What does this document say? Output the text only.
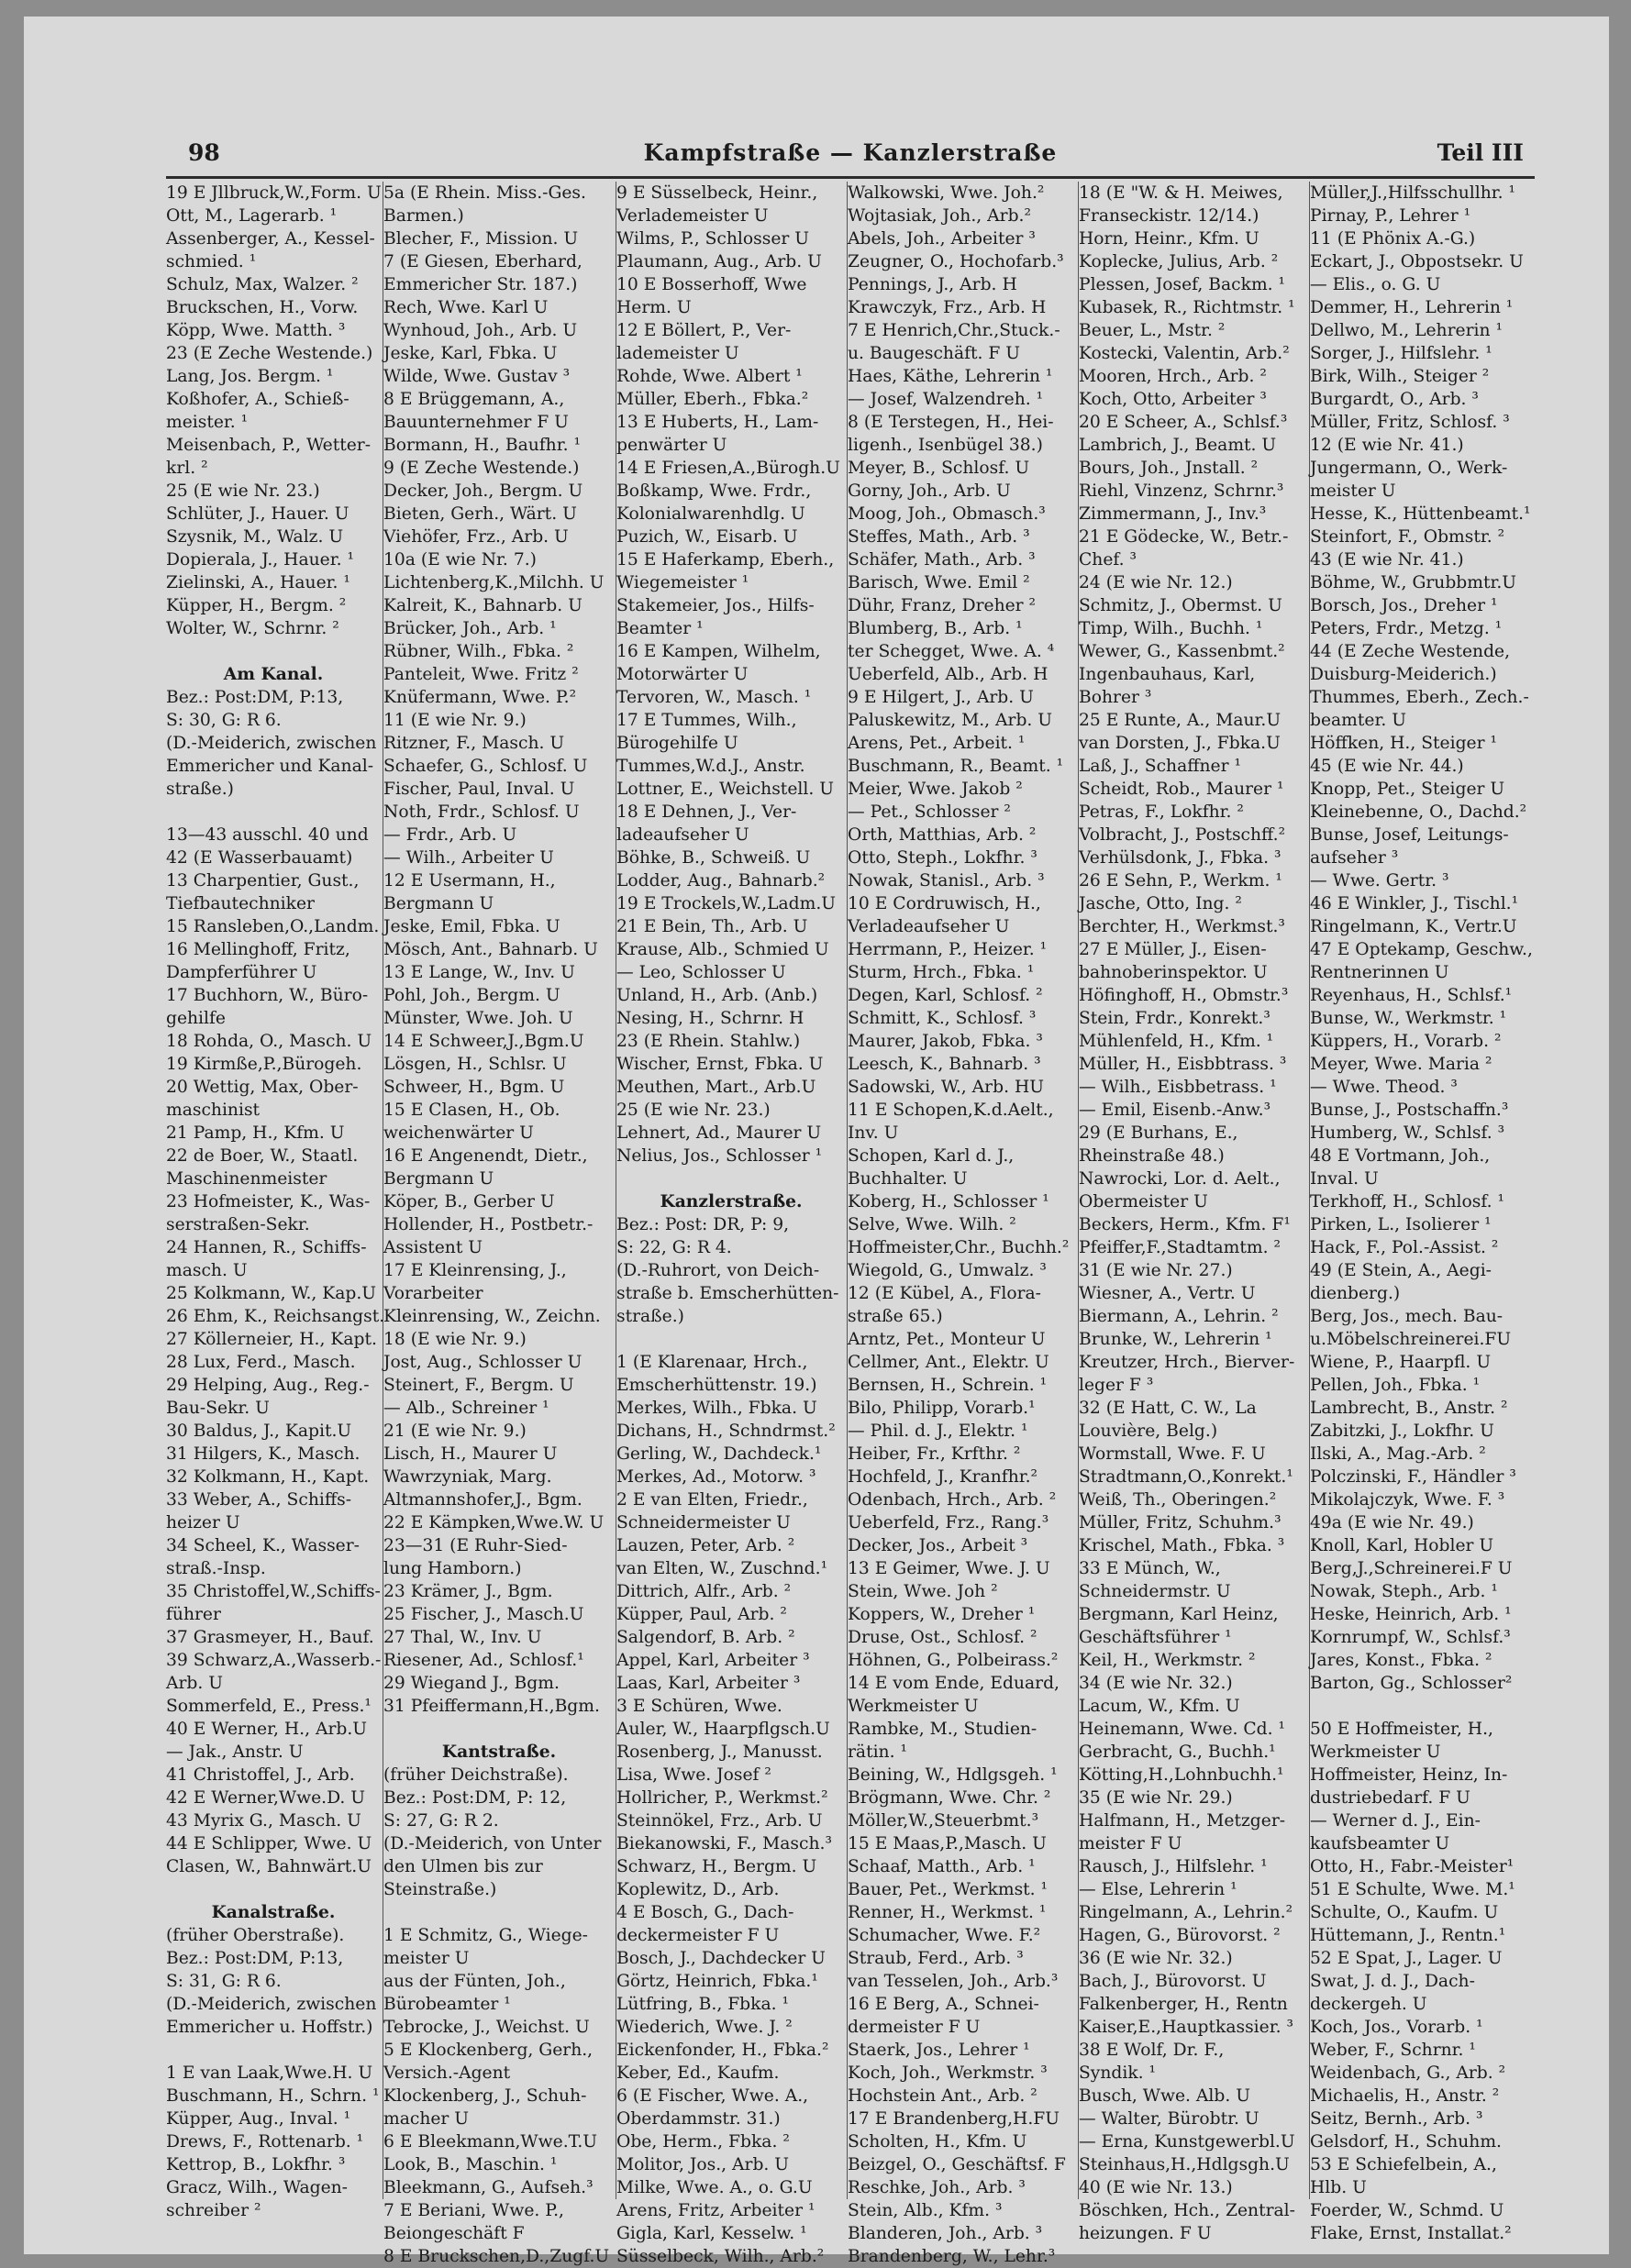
98	Kampfstraße — Kanzlerstraße	Teil III
19 E Jllbruck,W.,Form. U
Ott, M., Lagerarb. ¹
Assenberger, A., Kessel-
schmied. ¹
Schulz, Max, Walzer. ²
Bruckschen, H., Vorw.
Köpp, Wwe. Matth. ³
23 (E Zeche Westende.)
Lang, Jos. Bergm. ¹
Koßhofer, A., Schieß-
meister. ¹
Meisenbach, P., Wetter-
krl. ²
25 (E wie Nr. 23.)
Schlüter, J., Hauer. U
Szysnik, M., Walz. U
Dopierala, J., Hauer. ¹
Zielinski, A., Hauer. ¹
Küpper, H., Bergm. ²
Wolter, W., Schrnr. ²
Am Kanal.
Bez.: Post:DM, P:13,
S: 30, G: R 6.
(D.-Meiderich, zwischen
Emmericher und Kanal-
straße.)
13—43 ausschl. 40 und
42 (E Wasserbauamt)
13 Charpentier, Gust.,
Tiefbautechniker
15 Ransleben,O.,Landm.
16 Mellinghoff, Fritz,
Dampferführer U
17 Buchhorn, W., Büro-
gehilfe
18 Rohda, O., Masch. U
19 Kirmße,P.,Bürogeh.
20 Wettig, Max, Ober-
maschinist
21 Pamp, H., Kfm. U
22 de Boer, W., Staatl.
Maschinenmeister
23 Hofmeister, K., Was-
serstraßen-Sekr.
24 Hannen, R., Schiffs-
masch. U
25 Kolkmann, W., Kap.U
26 Ehm, K., Reichsangst.
27 Köllerneier, H., Kapt.
28 Lux, Ferd., Masch.
29 Helping, Aug., Reg.-
Bau-Sekr. U
30 Baldus, J., Kapit.U
31 Hilgers, K., Masch.
32 Kolkmann, H., Kapt.
33 Weber, A., Schiffs-
heizer U
34 Scheel, K., Wasser-
straß.-Insp.
35 Christoffel,W.,Schiffs-
führer
37 Grasmeyer, H., Bauf.
39 Schwarz,A.,Wasserb.-
Arb. U
Sommerfeld, E., Press.¹
40 E Werner, H., Arb.U
— Jak., Anstr. U
41 Christoffel, J., Arb.
42 E Werner,Wwe.D. U
43 Myrix G., Masch. U
44 E Schlipper, Wwe. U
Clasen, W., Bahnwärt.U
Kanalstraße.
(früher Oberstraße).
Bez.: Post:DM, P:13,
S: 31, G: R 6.
(D.-Meiderich, zwischen
Emmericher u. Hoffstr.)
1 E van Laak,Wwe.H. U
Buschmann, H., Schrn. ¹
Küpper, Aug., Inval. ¹
Drews, F., Rottenarb. ¹
Kettrop, B., Lokfhr. ³
Gracz, Wilh., Wagen-
schreiber ²
5a (E Rhein. Miss.-Ges.
Barmen.)
Blecher, F., Mission. U
7 (E Giesen, Eberhard,
Emmericher Str. 187.)
Rech, Wwe. Karl U
Wynhoud, Joh., Arb. U
Jeske, Karl, Fbka. U
Wilde, Wwe. Gustav ³
8 E Brüggemann, A.,
Bauunternehmer F U
Bormann, H., Baufhr. ¹
9 (E Zeche Westende.)
Decker, Joh., Bergm. U
Bieten, Gerh., Wärt. U
Viehöfer, Frz., Arb. U
10a (E wie Nr. 7.)
Lichtenberg,K.,Milchh. U
Kalreit, K., Bahnarb. U
Brücker, Joh., Arb. ¹
Rübner, Wilh., Fbka. ²
Panteleit, Wwe. Fritz ²
Knüfermann, Wwe. P.²
11 (E wie Nr. 9.)
Ritzner, F., Masch. U
Schaefer, G., Schlosf. U
Fischer, Paul, Inval. U
Noth, Frdr., Schlosf. U
— Frdr., Arb. U
— Wilh., Arbeiter U
12 E Usermann, H.,
Bergmann U
Jeske, Emil, Fbka. U
Mösch, Ant., Bahnarb. U
13 E Lange, W., Inv. U
Pohl, Joh., Bergm. U
Münster, Wwe. Joh. U
14 E Schweer,J.,Bgm.U
Lösgen, H., Schlsr. U
Schweer, H., Bgm. U
15 E Clasen, H., Ob.
weichenwärter U
16 E Angenendt, Dietr.,
Bergmann U
Köper, B., Gerber U
Hollender, H., Postbetr.-
Assistent U
17 E Kleinrensing, J.,
Vorarbeiter
Kleinrensing, W., Zeichn.
18 (E wie Nr. 9.)
Jost, Aug., Schlosser U
Steinert, F., Bergm. U
— Alb., Schreiner ¹
21 (E wie Nr. 9.)
Lisch, H., Maurer U
Wawrzyniak, Marg.
Altmannshofer,J., Bgm.
22 E Kämpken,Wwe.W. U
23—31 (E Ruhr-Sied-
lung Hamborn.)
23 Krämer, J., Bgm.
25 Fischer, J., Masch.U
27 Thal, W., Inv. U
Riesener, Ad., Schlosf.¹
29 Wiegand J., Bgm.
31 Pfeiffermann,H.,Bgm.
Kantstraße.
(früher Deichstraße).
Bez.: Post:DM, P: 12,
S: 27, G: R 2.
(D.-Meiderich, von Unter
den Ulmen bis zur
Steinstraße.)
1 E Schmitz, G., Wiege-
meister U
aus der Fünten, Joh.,
Bürobeamter ¹
Tebrocke, J., Weichst. U
5 E Klockenberg, Gerh.,
Versich.-Agent
Klockenberg, J., Schuh-
macher U
6 E Bleekmann,Wwe.T.U
Look, B., Maschin. ¹
Bleekmann, G., Aufseh.³
7 E Beriani, Wwe. P.,
Beiongeschäft F
8 E Bruckschen,D.,Zugf.U
9 E Süsselbeck, Heinr.,
Verlademeister U
Wilms, P., Schlosser U
Plaumann, Aug., Arb. U
10 E Bosserhoff, Wwe
Herm. U
12 E Böllert, P., Ver-
lademeister U
Rohde, Wwe. Albert ¹
Müller, Eberh., Fbka.²
13 E Huberts, H., Lam-
penwärter U
14 E Friesen,A.,Bürogh.U
Boßkamp, Wwe. Frdr.,
Kolonialwarenhdlg. U
Puzich, W., Eisarb. U
15 E Haferkamp, Eberh.,
Wiegemeister ¹
Stakemeier, Jos., Hilfs-
Beamter ¹
16 E Kampen, Wilhelm,
Motorwärter U
Tervoren, W., Masch. ¹
17 E Tummes, Wilh.,
Bürogehilfe U
Tummes,W.d.J., Anstr.
Lottner, E., Weichstell. U
18 E Dehnen, J., Ver-
ladeaufseher U
Böhke, B., Schweiß. U
Lodder, Aug., Bahnarb.²
19 E Trockels,W.,Ladm.U
21 E Bein, Th., Arb. U
Krause, Alb., Schmied U
— Leo, Schlosser U
Unland, H., Arb. (Anb.)
Nesing, H., Schrnr. H
23 (E Rhein. Stahlw.)
Wischer, Ernst, Fbka. U
Meuthen, Mart., Arb.U
25 (E wie Nr. 23.)
Lehnert, Ad., Maurer U
Nelius, Jos., Schlosser ¹
Kanzlerstraße.
Bez.: Post: DR, P: 9,
S: 22, G: R 4.
(D.-Ruhrort, von Deich-
straße b. Emscherhütten-
straße.)
1 (E Klarenaar, Hrch.,
Emscherhüttenstr. 19.)
Merkes, Wilh., Fbka. U
Dichans, H., Schndrmst.²
Gerling, W., Dachdeck.¹
Merkes, Ad., Motorw. ³
2 E van Elten, Friedr.,
Schneidermeister U
Lauzen, Peter, Arb. ²
van Elten, W., Zuschnd.¹
Dittrich, Alfr., Arb. ²
Küpper, Paul, Arb. ²
Salgendorf, B. Arb. ²
Appel, Karl, Arbeiter ³
Laas, Karl, Arbeiter ³
3 E Schüren, Wwe.
Auler, W., Haarpflgsch.U
Rosenberg, J., Manusst.
Lisa, Wwe. Josef ²
Hollricher, P., Werkmst.²
Steinnökel, Frz., Arb. U
Biekanowski, F., Masch.³
Schwarz, H., Bergm. U
Koplewitz, D., Arb.
4 E Bosch, G., Dach-
deckermeister F U
Bosch, J., Dachdecker U
Görtz, Heinrich, Fbka.¹
Lütfring, B., Fbka. ¹
Wiederich, Wwe. J. ²
Eickenfonder, H., Fbka.²
Keber, Ed., Kaufm.
6 (E Fischer, Wwe. A.,
Oberdammstr. 31.)
Obe, Herm., Fbka. ²
Molitor, Jos., Arb. U
Milke, Wwe. A., o. G.U
Arens, Fritz, Arbeiter ¹
Gigla, Karl, Kesselw. ¹
Süsselbeck, Wilh., Arb.²
Walkowski, Wwe. Joh.²
Wojtasiak, Joh., Arb.²
Abels, Joh., Arbeiter ³
Zeugner, O., Hochofarb.³
Pennings, J., Arb. H
Krawczyk, Frz., Arb. H
7 E Henrich,Chr.,Stuck.-
u. Baugeschäft. F U
Haes, Käthe, Lehrerin ¹
— Josef, Walzendreh. ¹
8 (E Terstegen, H., Hei-
ligenh., Isenbügel 38.)
Meyer, B., Schlosf. U
Gorny, Joh., Arb. U
Moog, Joh., Obmasch.³
Steffes, Math., Arb. ³
Schäfer, Math., Arb. ³
Barisch, Wwe. Emil ²
Dühr, Franz, Dreher ²
Blumberg, B., Arb. ¹
ter Schegget, Wwe. A. ⁴
Ueberfeld, Alb., Arb. H
9 E Hilgert, J., Arb. U
Paluskewitz, M., Arb. U
Arens, Pet., Arbeit. ¹
Buschmann, R., Beamt. ¹
Meier, Wwe. Jakob ²
— Pet., Schlosser ²
Orth, Matthias, Arb. ²
Otto, Steph., Lokfhr. ³
Nowak, Stanisl., Arb. ³
10 E Cordruwisch, H.,
Verladeaufseher U
Herrmann, P., Heizer. ¹
Sturm, Hrch., Fbka. ¹
Degen, Karl, Schlosf. ²
Schmitt, K., Schlosf. ³
Maurer, Jakob, Fbka. ³
Leesch, K., Bahnarb. ³
Sadowski, W., Arb. HU
11 E Schopen,K.d.Aelt.,
Inv. U
Schopen, Karl d. J.,
Buchhalter. U
Koberg, H., Schlosser ¹
Selve, Wwe. Wilh. ²
Hoffmeister,Chr., Buchh.²
Wiegold, G., Umwalz. ³
12 (E Kübel, A., Flora-
straße 65.)
Arntz, Pet., Monteur U
Cellmer, Ant., Elektr. U
Bernsen, H., Schrein. ¹
Bilo, Philipp, Vorarb.¹
— Phil. d. J., Elektr. ¹
Heiber, Fr., Krfthr. ²
Hochfeld, J., Kranfhr.²
Odenbach, Hrch., Arb. ²
Ueberfeld, Frz., Rang.³
Decker, Jos., Arbeit ³
13 E Geimer, Wwe. J. U
Stein, Wwe. Joh ²
Koppers, W., Dreher ¹
Druse, Ost., Schlosf. ²
Höhnen, G., Polbeirass.²
14 E vom Ende, Eduard,
Werkmeister U
Rambke, M., Studien-
rätin. ¹
Beining, W., Hdlgsgeh. ¹
Brögmann, Wwe. Chr. ²
Möller,W.,Steuerbmt.³
15 E Maas,P.,Masch. U
Schaaf, Matth., Arb. ¹
Bauer, Pet., Werkmst. ¹
Renner, H., Werkmst. ¹
Schumacher, Wwe. F.²
Straub, Ferd., Arb. ³
van Tesselen, Joh., Arb.³
16 E Berg, A., Schnei-
dermeister F U
Staerk, Jos., Lehrer ¹
Koch, Joh., Werkmstr. ³
Hochstein Ant., Arb. ²
17 E Brandenberg,H.FU
Scholten, H., Kfm. U
Beizgel, O., Geschäftsf. F
Reschke, Joh., Arb. ³
Stein, Alb., Kfm. ³
Blanderen, Joh., Arb. ³
Brandenberg, W., Lehr.³
18 (E "W. & H. Meiwes,
Franseckistr. 12/14.)
Horn, Heinr., Kfm. U
Koplecke, Julius, Arb. ²
Plessen, Josef, Backm. ¹
Kubasek, R., Richtmstr. ¹
Beuer, L., Mstr. ²
Kostecki, Valentin, Arb.²
Mooren, Hrch., Arb. ²
Koch, Otto, Arbeiter ³
20 E Scheer, A., Schlsf.³
Lambrich, J., Beamt. U
Bours, Joh., Jnstall. ²
Riehl, Vinzenz, Schrnr.³
Zimmermann, J., Inv.³
21 E Gödecke, W., Betr.-
Chef. ³
24 (E wie Nr. 12.)
Schmitz, J., Obermst. U
Timp, Wilh., Buchh. ¹
Wewer, G., Kassenbmt.²
Ingenbauhaus, Karl,
Bohrer ³
25 E Runte, A., Maur.U
van Dorsten, J., Fbka.U
Laß, J., Schaffner ¹
Scheidt, Rob., Maurer ¹
Petras, F., Lokfhr. ²
Volbracht, J., Postschff.²
Verhülsdonk, J., Fbka. ³
26 E Sehn, P., Werkm. ¹
Jasche, Otto, Ing. ²
Berchter, H., Werkmst.³
27 E Müller, J., Eisen-
bahnoberinspektor. U
Höfinghoff, H., Obmstr.³
Stein, Frdr., Konrekt.³
Mühlenfeld, H., Kfm. ¹
Müller, H., Eisbbtrass. ³
— Wilh., Eisbbetrass. ¹
— Emil, Eisenb.-Anw.³
29 (E Burhans, E.,
Rheinstraße 48.)
Nawrocki, Lor. d. Aelt.,
Obermeister U
Beckers, Herm., Kfm. F¹
Pfeiffer,F.,Stadtamtm. ²
31 (E wie Nr. 27.)
Wiesner, A., Vertr. U
Biermann, A., Lehrin. ²
Brunke, W., Lehrerin ¹
Kreutzer, Hrch., Bierver-
leger F ³
32 (E Hatt, C. W., La
Louvière, Belg.)
Wormstall, Wwe. F. U
Stradtmann,O.,Konrekt.¹
Weiß, Th., Oberingen.²
Müller, Fritz, Schuhm.³
Krischel, Math., Fbka. ³
33 E Münch, W.,
Schneidermstr. U
Bergmann, Karl Heinz,
Geschäftsführer ¹
Keil, H., Werkmstr. ²
34 (E wie Nr. 32.)
Lacum, W., Kfm. U
Heinemann, Wwe. Cd. ¹
Gerbracht, G., Buchh.¹
Kötting,H.,Lohnbuchh.¹
35 (E wie Nr. 29.)
Halfmann, H., Metzger-
meister F U
Rausch, J., Hilfslehr. ¹
— Else, Lehrerin ¹
Ringelmann, A., Lehrin.²
Hagen, G., Bürovorst. ²
36 (E wie Nr. 32.)
Bach, J., Bürovorst. U
Falkenberger, H., Rentn
Kaiser,E.,Hauptkassier. ³
38 E Wolf, Dr. F.,
Syndik. ¹
Busch, Wwe. Alb. U
— Walter, Bürobtr. U
— Erna, Kunstgewerbl.U
Steinhaus,H.,Hdlgsgh.U
40 (E wie Nr. 13.)
Böschken, Hch., Zentral-
heizungen. F U
Müller,J.,Hilfsschullhr. ¹
Pirnay, P., Lehrer ¹
11 (E Phönix A.-G.)
Eckart, J., Obpostsekr. U
— Elis., o. G. U
Demmer, H., Lehrerin ¹
Dellwo, M., Lehrerin ¹
Sorger, J., Hilfslehr. ¹
Birk, Wilh., Steiger ²
Burgardt, O., Arb. ³
Müller, Fritz, Schlosf. ³
12 (E wie Nr. 41.)
Jungermann, O., Werk-
meister U
Hesse, K., Hüttenbeamt.¹
Steinfort, F., Obmstr. ²
43 (E wie Nr. 41.)
Böhme, W., Grubbmtr.U
Borsch, Jos., Dreher ¹
Peters, Frdr., Metzg. ¹
44 (E Zeche Westende,
Duisburg-Meiderich.)
Thummes, Eberh., Zech.-
beamter. U
Höffken, H., Steiger ¹
45 (E wie Nr. 44.)
Knopp, Pet., Steiger U
Kleinebenne, O., Dachd.²
Bunse, Josef, Leitungs-
aufseher ³
— Wwe. Gertr. ³
46 E Winkler, J., Tischl.¹
Ringelmann, K., Vertr.U
47 E Optekamp, Geschw.,
Rentnerinnen U
Reyenhaus, H., Schlsf.¹
Bunse, W., Werkmstr. ¹
Küppers, H., Vorarb. ²
Meyer, Wwe. Maria ²
— Wwe. Theod. ³
Bunse, J., Postschaffn.³
Humberg, W., Schlsf. ³
48 E Vortmann, Joh.,
Inval. U
Terkhoff, H., Schlosf. ¹
Pirken, L., Isolierer ¹
Hack, F., Pol.-Assist. ²
49 (E Stein, A., Aegi-
dienberg.)
Berg, Jos., mech. Bau-
u.Möbelschreinerei.FU
Wiene, P., Haarpfl. U
Pellen, Joh., Fbka. ¹
Lambrecht, B., Anstr. ²
Zabitzki, J., Lokfhr. U
Ilski, A., Mag.-Arb. ²
Polczinski, F., Händler ³
Mikolajczyk, Wwe. F. ³
49a (E wie Nr. 49.)
Knoll, Karl, Hobler U
Berg,J.,Schreinerei.F U
Nowak, Steph., Arb. ¹
Heske, Heinrich, Arb. ¹
Kornrumpf, W., Schlsf.³
Jares, Konst., Fbka. ²
Barton, Gg., Schlosser²
50 E Hoffmeister, H.,
Werkmeister U
Hoffmeister, Heinz, In-
dustriebedarf. F U
— Werner d. J., Ein-
kaufsbeamter U
Otto, H., Fabr.-Meister¹
51 E Schulte, Wwe. M.¹
Schulte, O., Kaufm. U
Hüttemann, J., Rentn.¹
52 E Spat, J., Lager. U
Swat, J. d. J., Dach-
deckergeh. U
Koch, Jos., Vorarb. ¹
Weber, F., Schrnr. ¹
Weidenbach, G., Arb. ²
Michaelis, H., Anstr. ²
Seitz, Bernh., Arb. ³
Gelsdorf, H., Schuhm.
53 E Schiefelbein, A.,
Hlb. U
Foerder, W., Schmd. U
Flake, Ernst, Installat.²
